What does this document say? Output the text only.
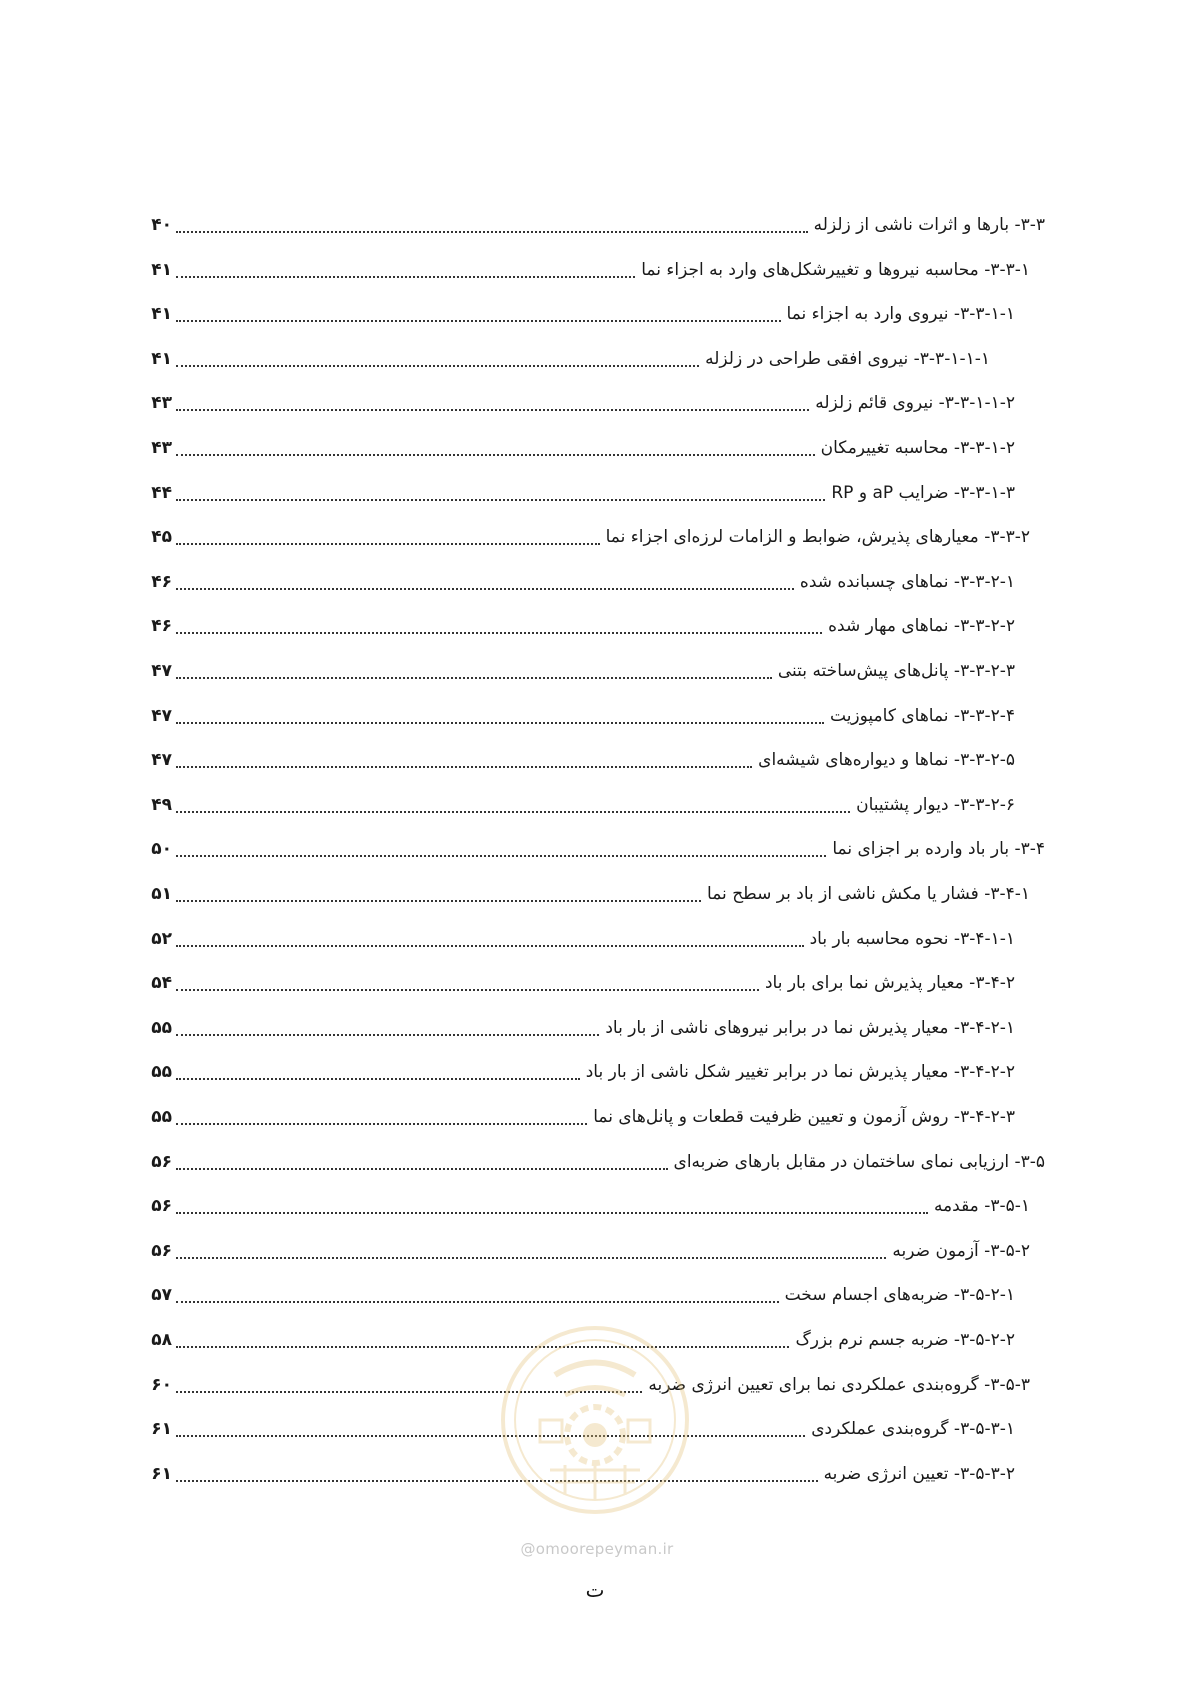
۳-۳- بارها و اثرات ناشی از زلزله
۴۰
۳-۳-۱- محاسبه نیروها و تغییرشکل‌های وارد به اجزاء نما
۴۱
۳-۳-۱-۱- نیروی وارد به اجزاء نما
۴۱
۳-۳-۱-۱-۱- نیروی افقی طراحی در زلزله
۴۱
۳-۳-۱-۱-۲- نیروی قائم زلزله
۴۳
۳-۳-۱-۲- محاسبه تغییرمکان
۴۳
۳-۳-۱-۳- ضرایب aP و RP
۴۴
۳-۳-۲- معیارهای پذیرش، ضوابط و الزامات لرزه‌ای اجزاء نما
۴۵
۳-۳-۲-۱- نماهای چسبانده شده
۴۶
۳-۳-۲-۲- نماهای مهار شده
۴۶
۳-۳-۲-۳- پانل‌های پیش‌ساخته بتنی
۴۷
۳-۳-۲-۴- نماهای کامپوزیت
۴۷
۳-۳-۲-۵- نماها و دیواره‌های شیشه‌ای
۴۷
۳-۳-۲-۶- دیوار پشتیبان
۴۹
۳-۴- بار باد وارده بر اجزای نما
۵۰
۳-۴-۱- فشار یا مکش ناشی از باد بر سطح نما
۵۱
۳-۴-۱-۱- نحوه محاسبه بار باد
۵۲
۳-۴-۲- معیار پذیرش نما برای بار باد
۵۴
۳-۴-۲-۱- معیار پذیرش نما در برابر نیروهای ناشی از بار باد
۵۵
۳-۴-۲-۲- معیار پذیرش نما در برابر تغییر شکل ناشی از بار باد
۵۵
۳-۴-۲-۳- روش آزمون و تعیین ظرفیت قطعات و پانل‌های نما
۵۵
۳-۵- ارزیابی نمای ساختمان در مقابل بارهای ضربه‌ای
۵۶
۳-۵-۱- مقدمه
۵۶
۳-۵-۲- آزمون ضربه
۵۶
۳-۵-۲-۱- ضربه‌های اجسام سخت
۵۷
۳-۵-۲-۲- ضربه جسم نرم بزرگ
۵۸
۳-۵-۳- گروه‌بندی عملکردی نما برای تعیین انرژی ضربه
۶۰
۳-۵-۳-۱- گروه‌بندی عملکردی
۶۱
۳-۵-۳-۲- تعیین انرژی ضربه
۶۱
@omoorepeyman.ir
ت
